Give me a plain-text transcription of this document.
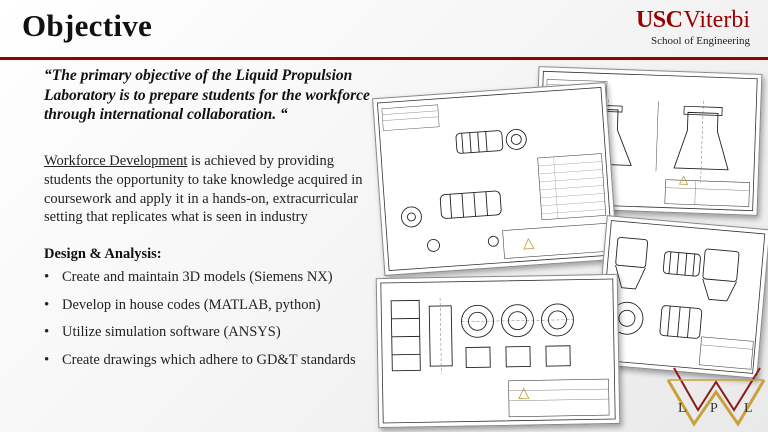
Objective	USCViterbi
School of Engineering
“The primary objective of the Liquid Propulsion Laboratory is to prepare students for the workforce through international collaboration. “
Workforce Development is achieved by providing students the opportunity to take knowledge acquired in coursework and apply it in a hands-on, extracurricular setting that replicates what is seen in industry
Design & Analysis:
• Create and maintain 3D models (Siemens NX)
• Develop in house codes (MATLAB, python)
• Utilize simulation software (ANSYS)
• Create drawings which adhere to GD&T standards
L P L
